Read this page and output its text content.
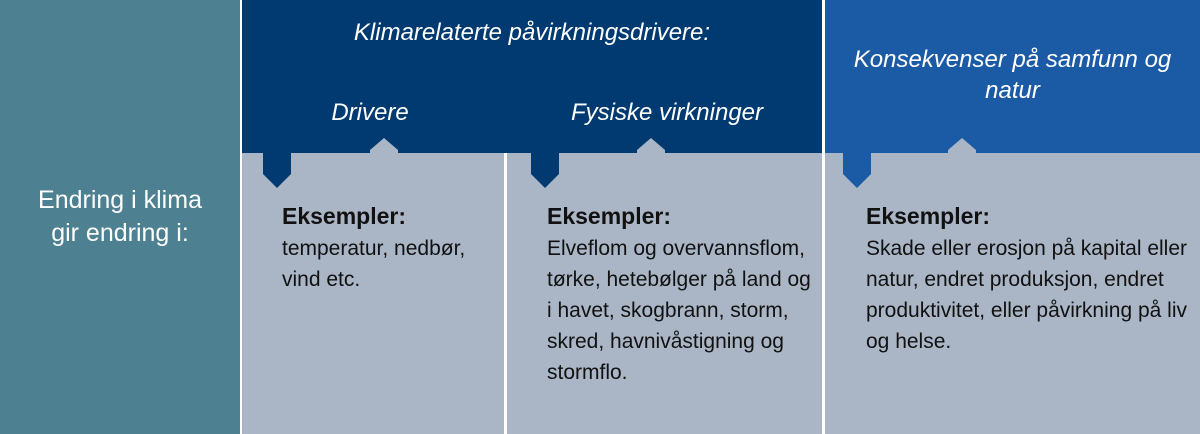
Endring i klima gir endring i:
Klimarelaterte påvirkningsdrivere:
Drivere	Fysiske virkninger
Konsekvenser på samfunn og natur
Eksempler:
temperatur, nedbør, vind etc.
Eksempler:
Elveflom og overvannsflom, tørke, hetebølger på land og i havet, skogbrann, storm, skred, havnivåstigning og stormflo.
Eksempler:
Skade eller erosjon på kapital eller natur, endret produksjon, endret produktivitet, eller påvirkning på liv og helse.
